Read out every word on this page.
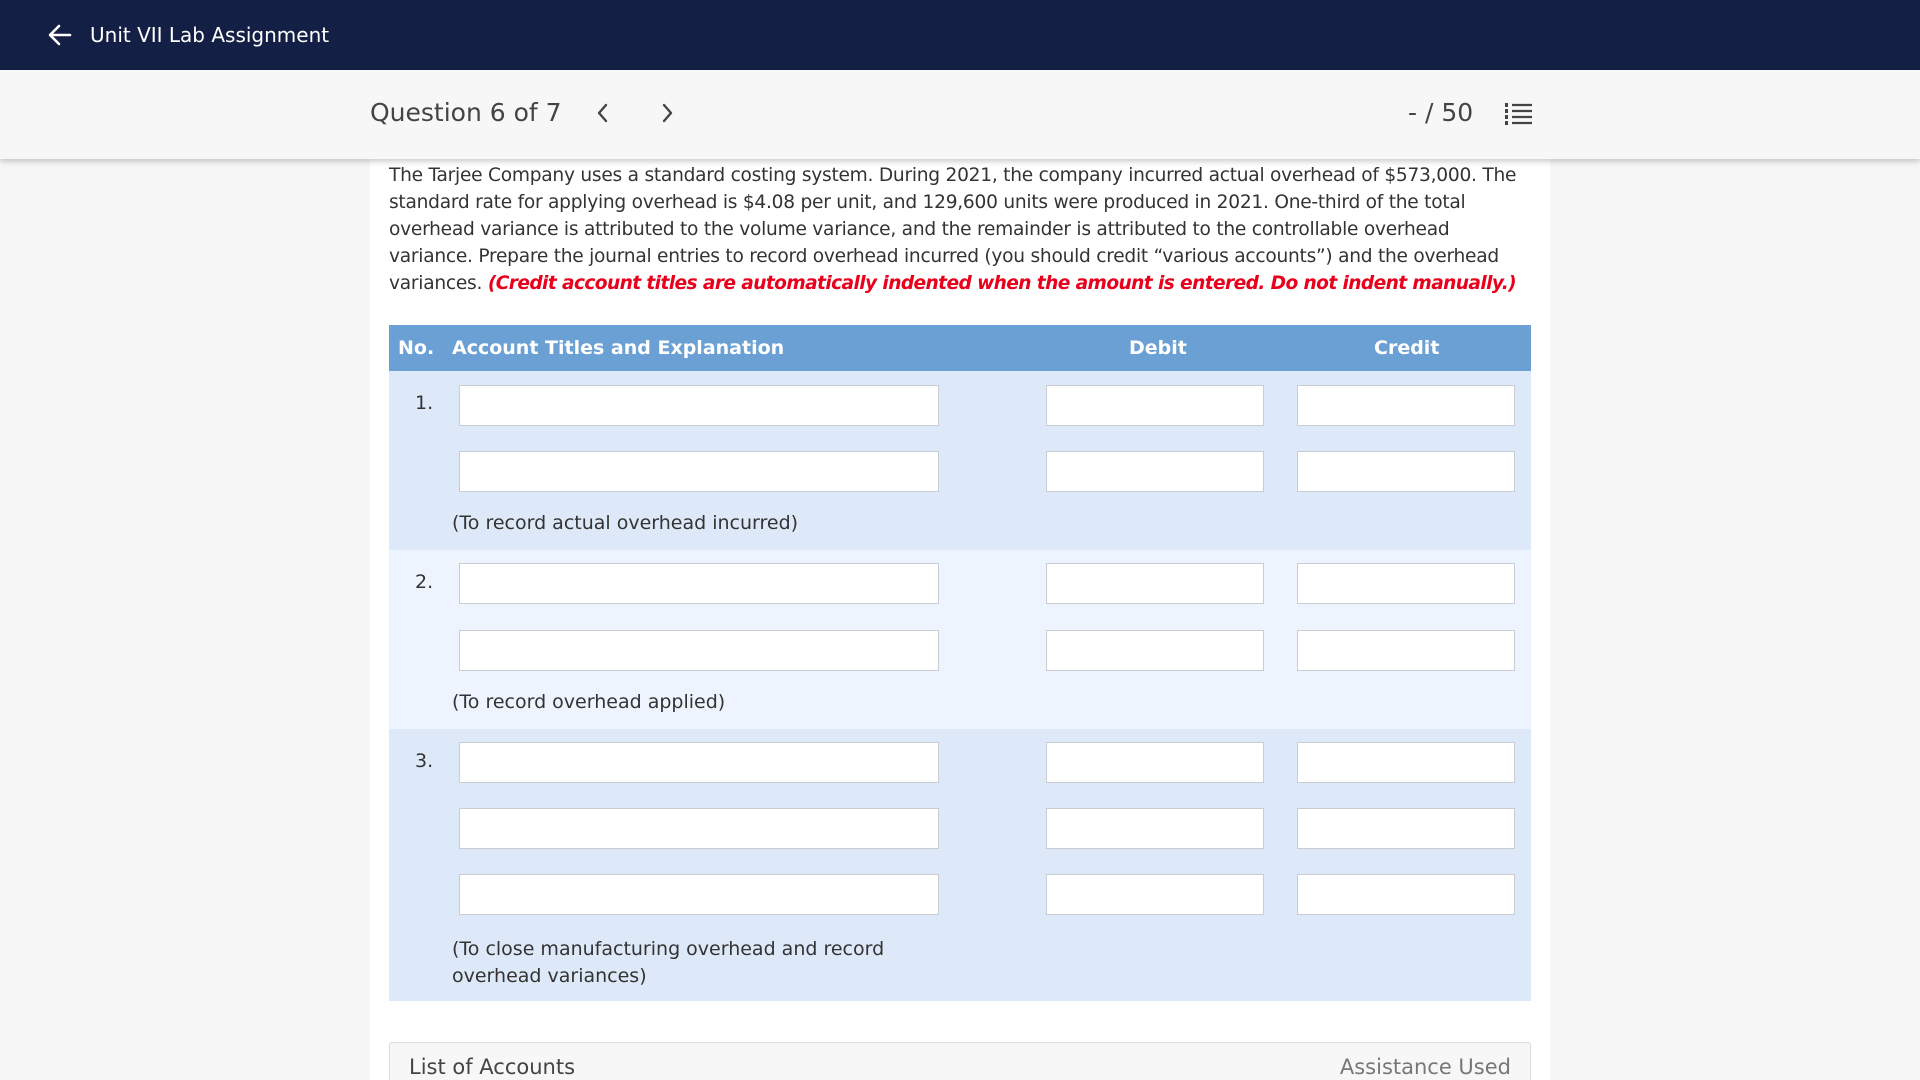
Unit VII Lab Assignment
Question 6 of 7	- / 50

The Tarjee Company uses a standard costing system. During 2021, the company incurred actual overhead of $573,000. The standard rate for applying overhead is $4.08 per unit, and 129,600 units were produced in 2021. One-third of the total overhead variance is attributed to the volume variance, and the remainder is attributed to the controllable overhead variance. Prepare the journal entries to record overhead incurred (you should credit “various accounts”) and the overhead variances. (Credit account titles are automatically indented when the amount is entered. Do not indent manually.)

No. Account Titles and Explanation	Debit	Credit
1.
(To record actual overhead incurred)
2.
(To record overhead applied)
3.
(To close manufacturing overhead and record overhead variances)
List of Accounts	Assistance Used
